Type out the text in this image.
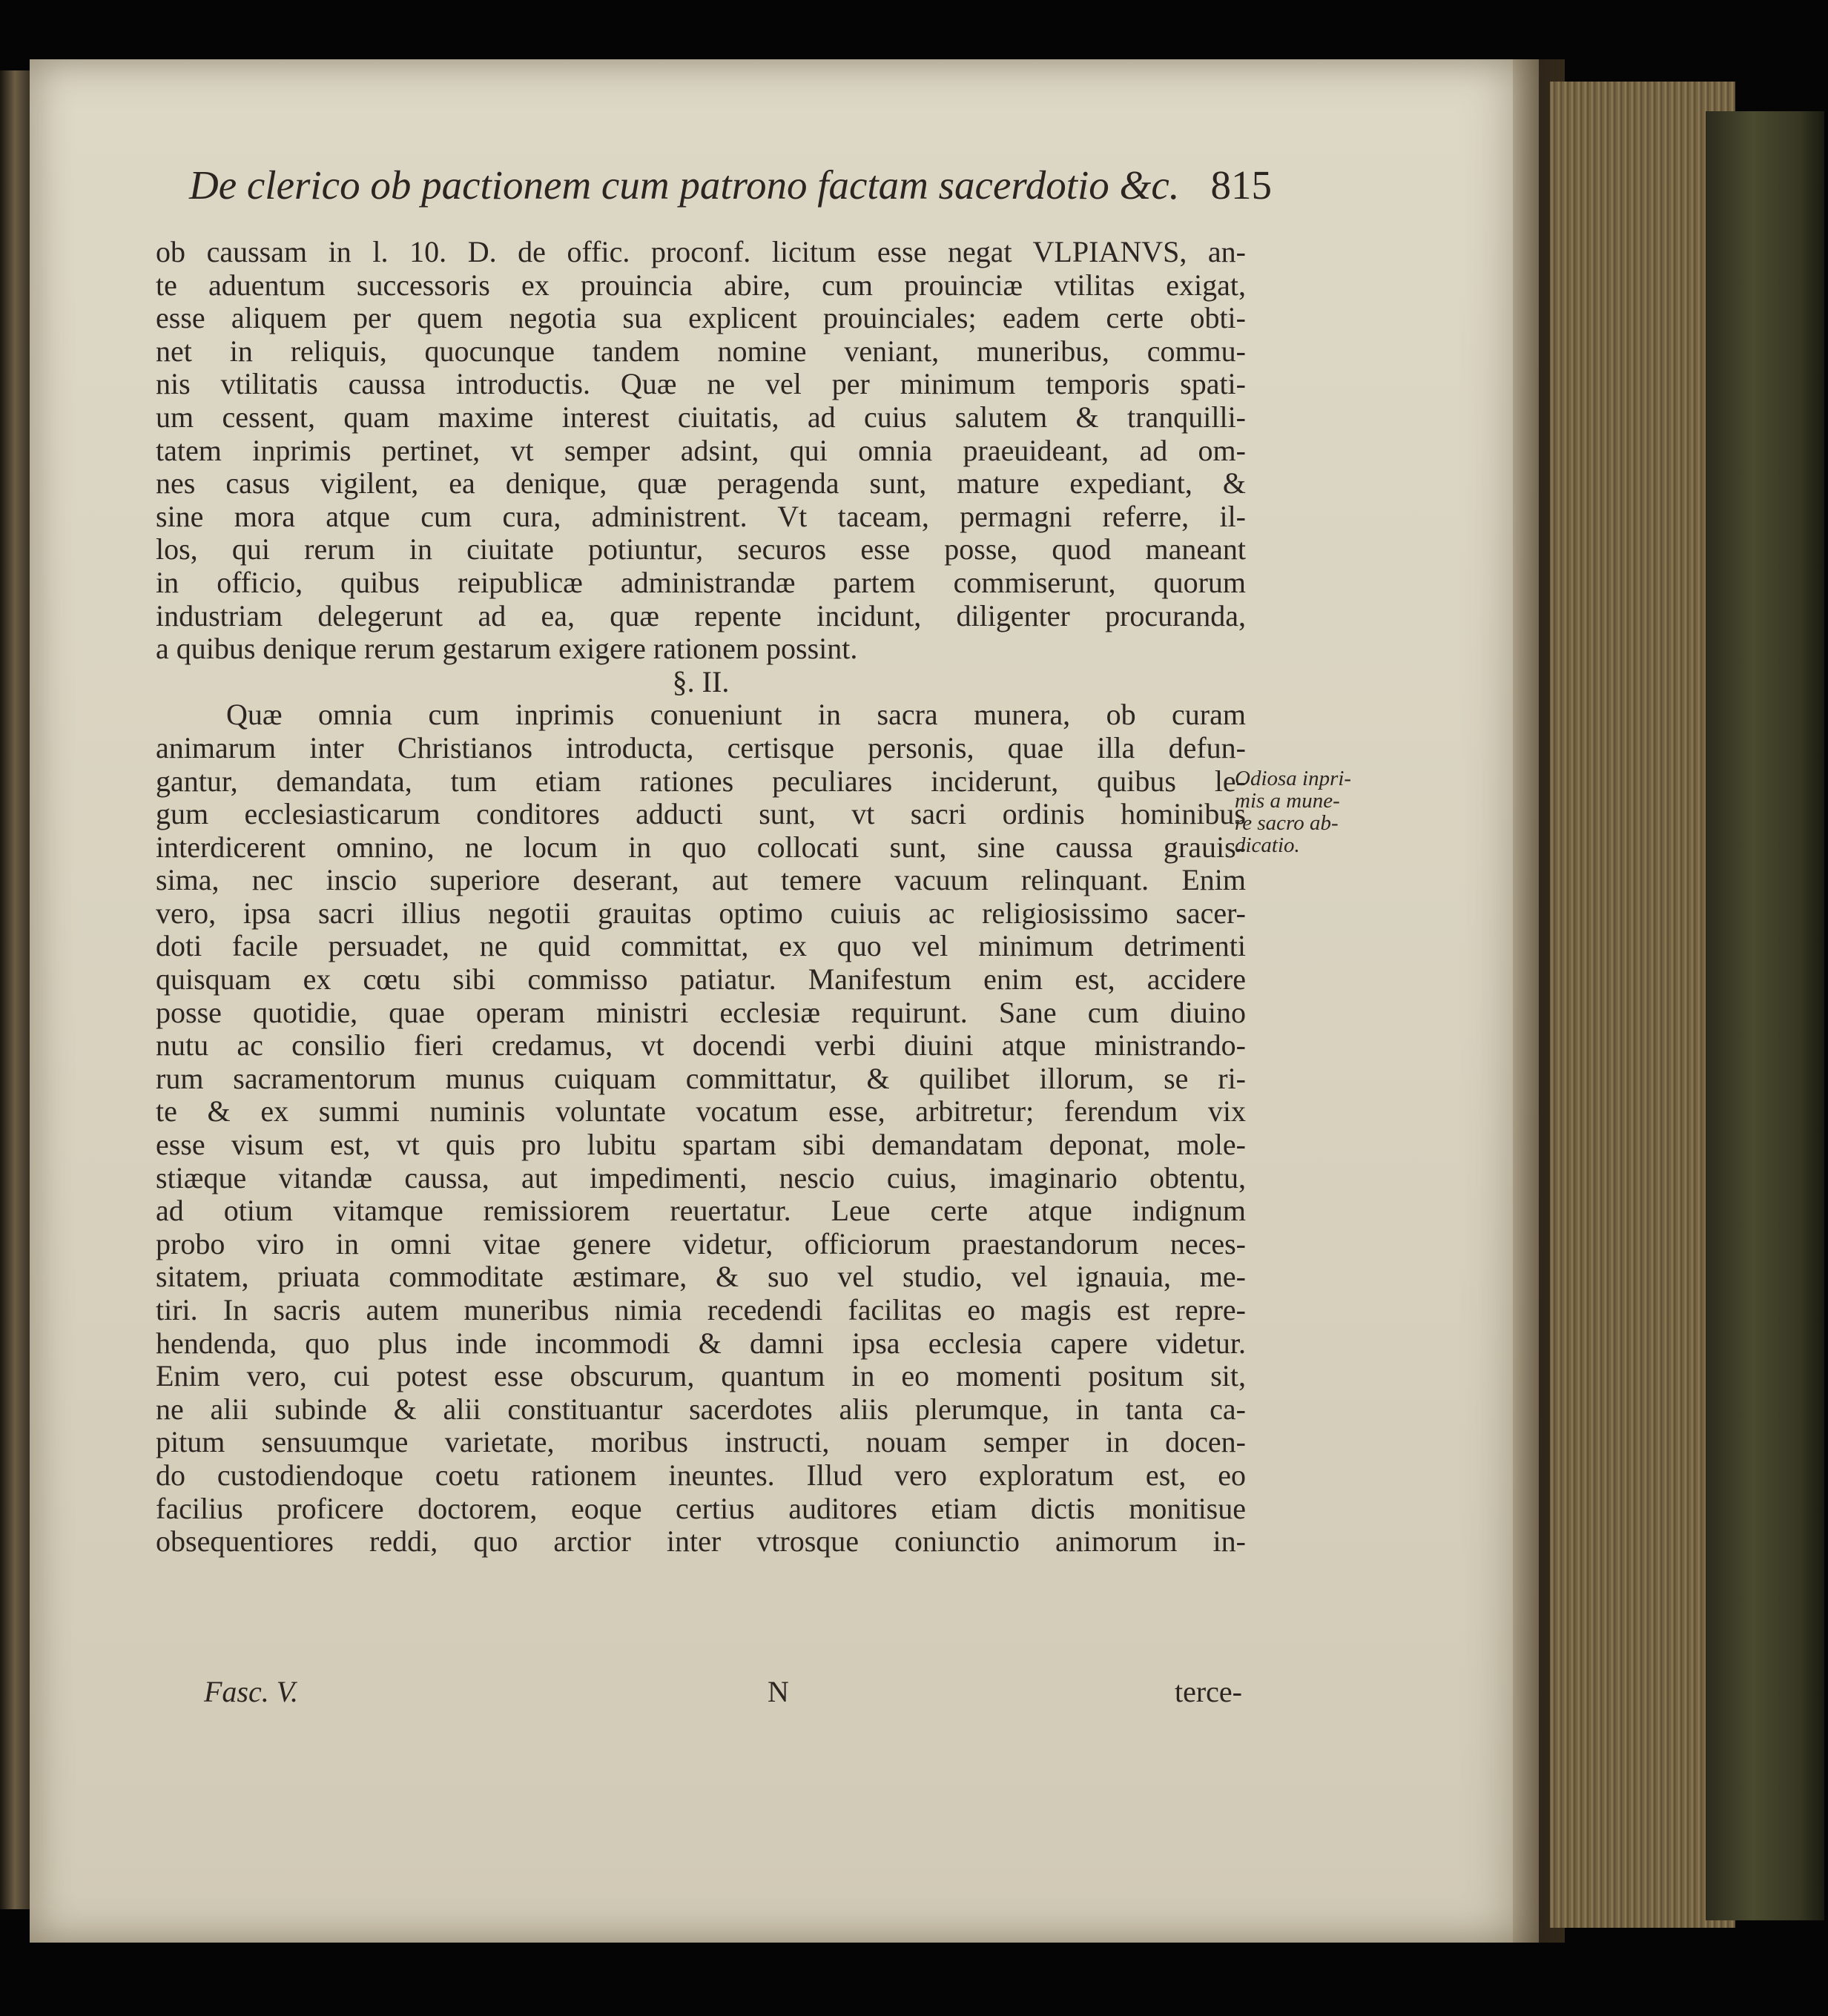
De clerico ob pactionem cum patrono factam sacerdotio &c. 815
ob caussam in l. 10. D. de offic. proconf. licitum esse negat VLPIANVS, an-
te aduentum successoris ex prouincia abire, cum prouinciæ vtilitas exigat,
esse aliquem per quem negotia sua explicent prouinciales; eadem certe obti-
net in reliquis, quocunque tandem nomine veniant, muneribus, commu-
nis vtilitatis caussa introductis. Quæ ne vel per minimum temporis spati-
um cessent, quam maxime interest ciuitatis, ad cuius salutem & tranquilli-
tatem inprimis pertinet, vt semper adsint, qui omnia praeuideant, ad om-
nes casus vigilent, ea denique, quæ peragenda sunt, mature expediant, &
sine mora atque cum cura, administrent. Vt taceam, permagni referre, il-
los, qui rerum in ciuitate potiuntur, securos esse posse, quod maneant
in officio, quibus reipublicæ administrandæ partem commiserunt, quorum
industriam delegerunt ad ea, quæ repente incidunt, diligenter procuranda,
a quibus denique rerum gestarum exigere rationem possint.
§. II.
Quæ omnia cum inprimis conueniunt in sacra munera, ob curam
animarum inter Christianos introducta, certisque personis, quae illa defun-
gantur, demandata, tum etiam rationes peculiares inciderunt, quibus le-
gum ecclesiasticarum conditores adducti sunt, vt sacri ordinis hominibus
interdicerent omnino, ne locum in quo collocati sunt, sine caussa grauis-
sima, nec inscio superiore deserant, aut temere vacuum relinquant. Enim
vero, ipsa sacri illius negotii grauitas optimo cuiuis ac religiosissimo sacer-
doti facile persuadet, ne quid committat, ex quo vel minimum detrimenti
quisquam ex cœtu sibi commisso patiatur. Manifestum enim est, accidere
posse quotidie, quae operam ministri ecclesiæ requirunt. Sane cum diuino
nutu ac consilio fieri credamus, vt docendi verbi diuini atque ministrando-
rum sacramentorum munus cuiquam committatur, & quilibet illorum, se ri-
te & ex summi numinis voluntate vocatum esse, arbitretur; ferendum vix
esse visum est, vt quis pro lubitu spartam sibi demandatam deponat, mole-
stiæque vitandæ caussa, aut impedimenti, nescio cuius, imaginario obtentu,
ad otium vitamque remissiorem reuertatur. Leue certe atque indignum
probo viro in omni vitae genere videtur, officiorum praestandorum neces-
sitatem, priuata commoditate æstimare, & suo vel studio, vel ignauia, me-
tiri. In sacris autem muneribus nimia recedendi facilitas eo magis est repre-
hendenda, quo plus inde incommodi & damni ipsa ecclesia capere videtur.
Enim vero, cui potest esse obscurum, quantum in eo momenti positum sit,
ne alii subinde & alii constituantur sacerdotes aliis plerumque, in tanta ca-
pitum sensuumque varietate, moribus instructi, nouam semper in docen-
do custodiendoque coetu rationem ineuntes. Illud vero exploratum est, eo
facilius proficere doctorem, eoque certius auditores etiam dictis monitisue
obsequentiores reddi, quo arctior inter vtrosque coniunctio animorum in-
Odiosa inpri-
mis a mune-
re sacro ab-
dicatio.
Fasc. V.	N	terce-
